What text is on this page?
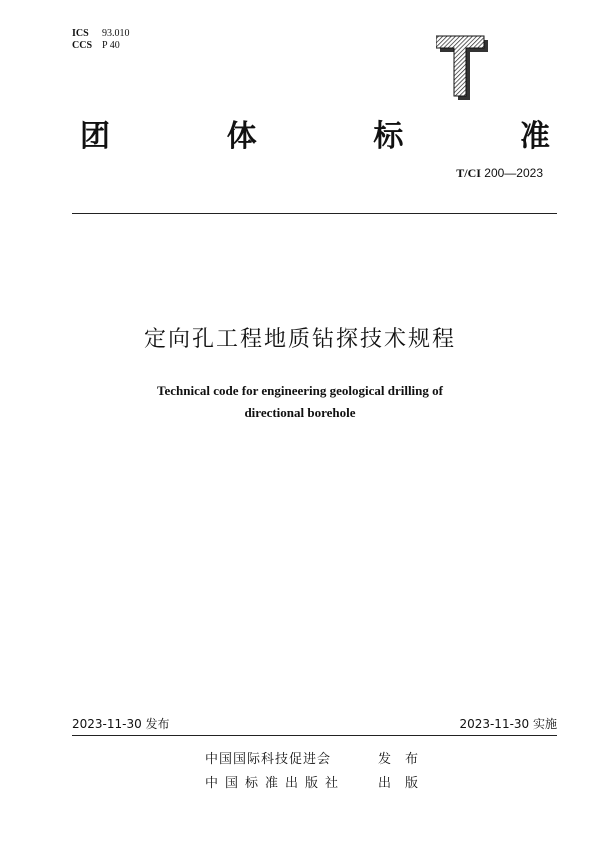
ICS	93.010
CCS P 40
团	体	标	准
T/CI 200—2023
定向孔工程地质钻探技术规程
Technical code for engineering geological drilling of
directional borehole
2023-11-30 发布	2023-11-30 实施
中国国际科技促进会	发布
中国标准出版社	出版
